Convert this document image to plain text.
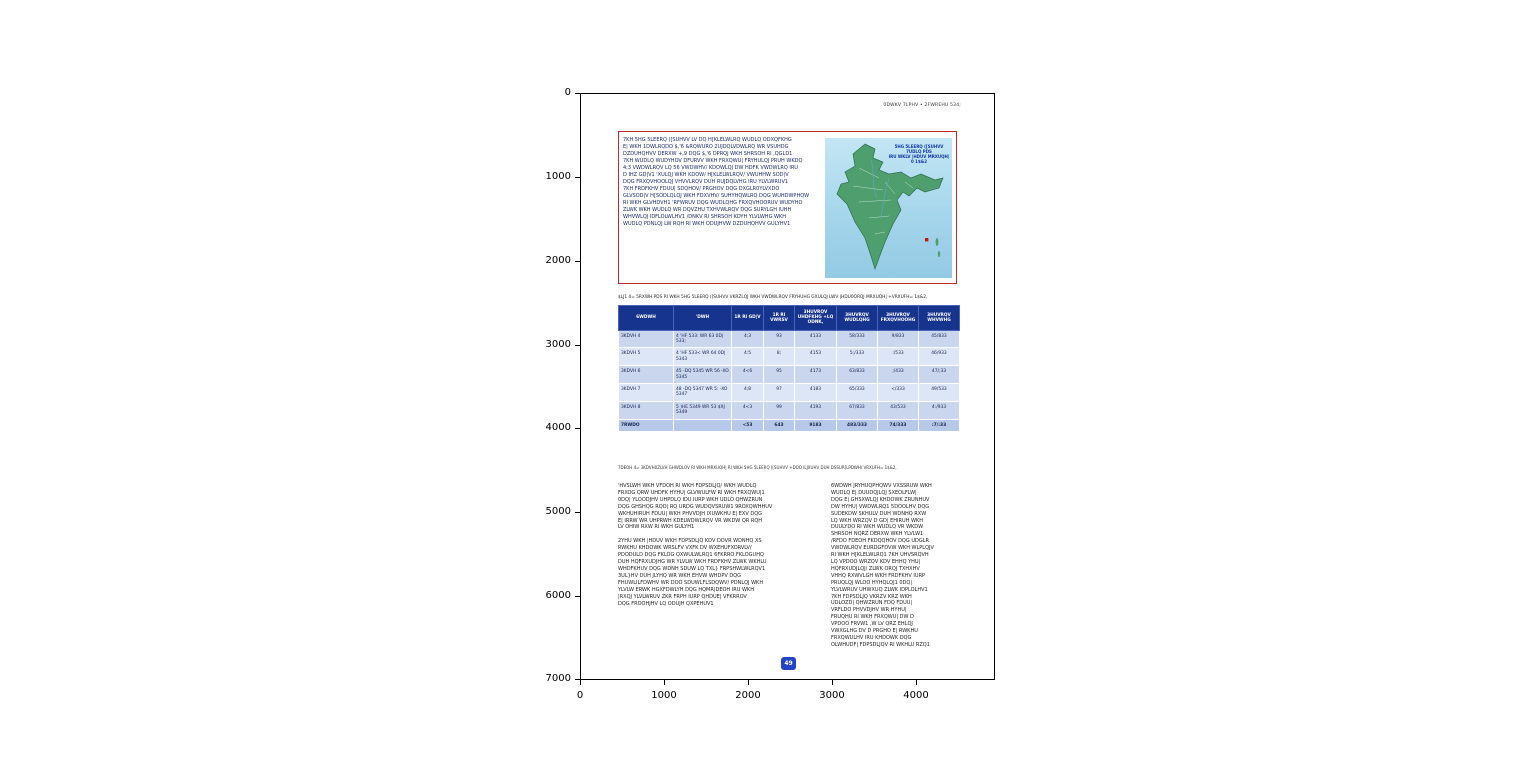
0
1000
2000
3000
4000
5000
6000
7000
0	1000	2000	3000	4000
0DWKV 7LPHV • 2FWREHU 534;
7KH 5HG 5LEERQ ([SUHVV LV DQ H[KLELWLRQ WUDLQ ODXQFKHG
E| WKH 1DWLRQDO $,'6 &RQWURO 2UJDQLVDWLRQ WR VSUHDG
DZDUHQHVV DERXW +,9 DQG $,'6 DPRQJ WKH SHRSOH RI ,QGLD1
7KH WUDLQ WUDYHOV DFURVV WKH FRXQWU| FRYHULQJ PRUH WKDQ
4;3 VWDWLRQV LQ 56 VWDWHV/ KDOWLQJ DW HDFK VWDWLRQ IRU
D IHZ GD|V1 'XULQJ WKH KDOW/ H[KLELWLRQV/ VWUHHW SOD|V
DQG FRXQVHOOLQJ VHVVLRQV DUH RUJDQLVHG IRU YLVLWRUV1
7KH FRDFKHV FDUU| SDQHOV/ PRGHOV DQG DXGLR0YLVXDO
GLVSOD|V H[SODLQLQJ WKH FDXVHV/ SUHYHQWLRQ DQG WUHDWPHQW
RI WKH GLVHDVH1 'RFWRUV DQG WUDLQHG FRXQVHOORUV WUDYHO
ZLWK WKH WUDLQ WR DQVZHU TXHVWLRQV DQG SURYLGH IUHH
WHVWLQJ IDFLOLWLHV1 /DNKV RI SHRSOH KDYH YLVLWHG WKH
WUDLQ PDNLQJ LW RQH RI WKH ODUJHVW DZDUHQHVV GULYHV1
5HG 5LEERQ ([SUHVV 7UDLQ PDS
IRU WKLV |HDUV MRXUQH| 0 1$&2
$LJ1 4= 5RXWH PDS RI WKH 5HG 5LEERQ ([SUHVV VKRZLQJ WKH VWDWLRQV FRYHUHG GXULQJ LWV |HDU0ORQJ MRXUQH| +VRXUFH= 1$&2,
6WDWH	'DWH	1R RI GD|V	1R RI VWRSV	3HUVRQV UHDFKHG +LQ ODNK,	3HUVRQV WUDLQHG	3HUVRQV FRXQVHOOHG	3HUVRQV WHVWHG
3KDVH 4	4 'HF 533: WR 63 0D| 533;	4;3	93	4133	58/333	9/833	45/833
3KDVH 5	4 'HF 533< WR 64 0D| 5343	4:5	8;	4153	5;/333	:/533	46/933
3KDVH 6	45 -DQ 5345 WR 56 -XO 5345	4<6	95	4173	63/833	;/433	47/;33
3KDVH 7	48 -DQ 5347 WR 5: -XO 5347	4;8	97	4183	65/333	</333	49/533
3KDVH 8	5 )HE 5349 WR 53 $XJ 5349	4<3	99	4193	67/833	43/533	4:/933
7RWDO		<53	643	9183	483/333	74/333	:7/:33
7DEOH 4= 3KDVH0ZLVH GHWDLOV RI WKH MRXUQH| RI WKH 5HG 5LEERQ ([SUHVV +DOO ILJXUHV DUH DSSUR[LPDWH/ VRXUFH= 1$&2,
'HVSLWH WKH VFDOH RI WKH FDPSDLJQ/ WKH WUDLQ
FRXOG QRW UHDFK HYHU| GLVWULFW RI WKH FRXQWU|1
0DQ| YLOODJHV UHPDLQ IDU IURP WKH UDLO QHWZRUN
DQG GHSHQG RQO| RQ URDG WUDQVSRUW1 9ROXQWHHUV
WKHUHIRUH FDUU| WKH PHVVDJH IXUWKHU E| EXV DQG
E| IRRW WR UHPRWH KDELWDWLRQV VR WKDW QR RQH
LV OHIW RXW RI WKH GULYH1
2YHU WKH |HDUV WKH FDPSDLJQ KDV DOVR WDNHQ XS
RWKHU KHDOWK WRSLFV VXFK DV WXEHUFXORVLV/
PDODULD DQG FKLOG QXWULWLRQ1 6FKRRO FKLOGUHQ
DUH HQFRXUDJHG WR YLVLW WKH FRDFKHV ZLWK WKHLU
WHDFKHUV DQG WDNH SDUW LQ TXL} FRPSHWLWLRQV1
3UL}HV DUH JLYHQ WR WKH EHVW WHDPV DQG
FHUWLILFDWHV WR DOO SDUWLFLSDQWV/ PDNLQJ WKH
YLVLW ERWK HGXFDWLYH DQG HQMR|DEOH IRU WKH
|RXQJ YLVLWRUV ZKR FRPH IURP QHDUE| VFKRROV
DQG FROOHJHV LQ ODUJH QXPEHUV1
6WDWH JRYHUQPHQWV VXSSRUW WKH
WUDLQ E| DUUDQJLQJ SXEOLFLW|
DQG E| GHSXWLQJ KHDOWK ZRUNHUV
DW HYHU| VWDWLRQ1 5DOOLHV DQG
SUDEKDW SKHULV DUH WDNHQ RXW
LQ WKH WRZQV D GD| EHIRUH WKH
DUULYDO RI WKH WUDLQ VR WKDW
SHRSOH NQRZ DERXW WKH YLVLW1
/RFDO FDEOH FKDQQHOV DQG UDGLR
VWDWLRQV EURDGFDVW WKH WLPLQJV
RI WKH H[KLELWLRQ1 7KH UHVSRQVH
LQ VPDOO WRZQV KDV EHHQ YHU|
HQFRXUDJLQJ/ ZLWK ORQJ TXHXHV
VHHQ RXWVLGH WKH FRDFKHV IURP
PRUQLQJ WLOO HYHQLQJ1 0DQ|
YLVLWRUV UHWXUQ ZLWK IDPLOLHV1
7KH FDPSDLJQ VKRZV KRZ WKH
UDLOZD| QHWZRUN FDQ FDUU|
VRFLDO PHVVDJHV WR HYHU|
FRUQHU RI WKH FRXQWU| DW D
VPDOO FRVW1 ,W LV QRZ EHLQJ
VWXGLHG DV D PRGHO E| RWKHU
FRXQWULHV IRU KHDOWK DQG
OLWHUDF| FDPSDLJQV RI WKHLU RZQ1
49
